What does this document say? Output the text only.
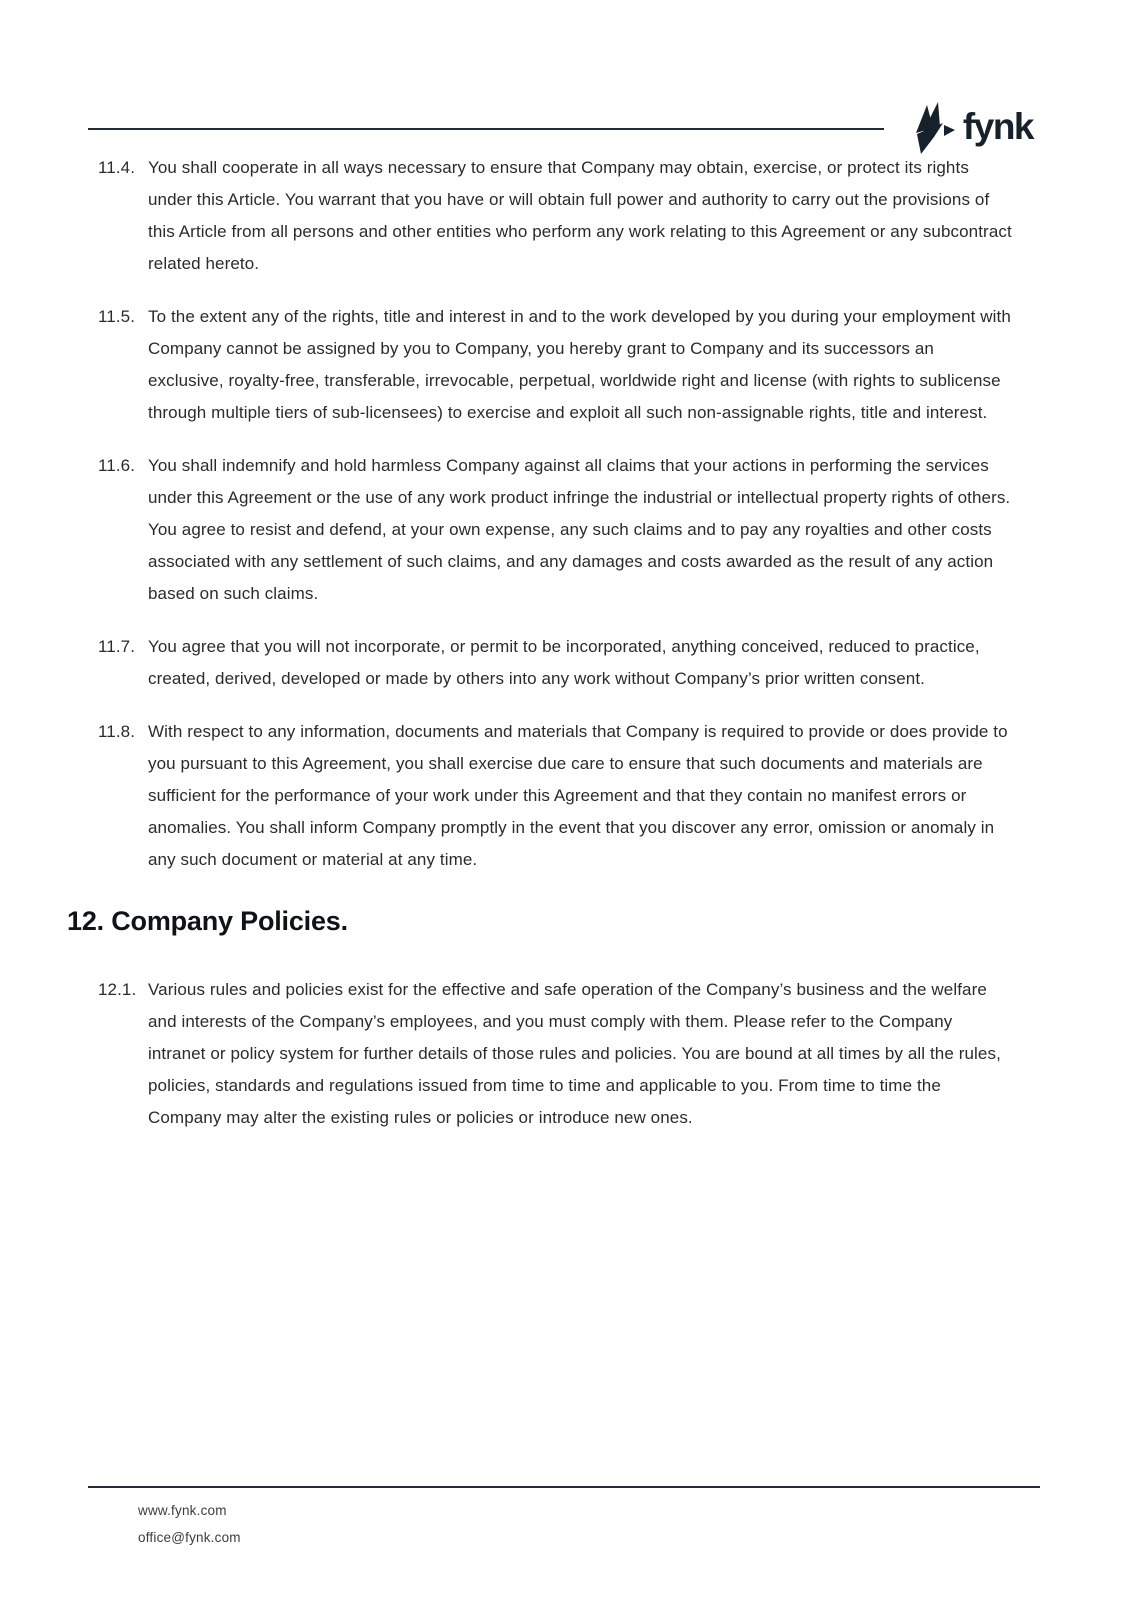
fynk
11.4. You shall cooperate in all ways necessary to ensure that Company may obtain, exercise, or protect its rights under this Article. You warrant that you have or will obtain full power and authority to carry out the provisions of this Article from all persons and other entities who perform any work relating to this Agreement or any subcontract related hereto.

11.5. To the extent any of the rights, title and interest in and to the work developed by you during your employment with Company cannot be assigned by you to Company, you hereby grant to Company and its successors an exclusive, royalty-free, transferable, irrevocable, perpetual, worldwide right and license (with rights to sublicense through multiple tiers of sub-licensees) to exercise and exploit all such non-assignable rights, title and interest.

11.6. You shall indemnify and hold harmless Company against all claims that your actions in performing the services under this Agreement or the use of any work product infringe the industrial or intellectual property rights of others. You agree to resist and defend, at your own expense, any such claims and to pay any royalties and other costs associated with any settlement of such claims, and any damages and costs awarded as the result of any action based on such claims.

11.7. You agree that you will not incorporate, or permit to be incorporated, anything conceived, reduced to practice, created, derived, developed or made by others into any work without Company’s prior written consent.

11.8. With respect to any information, documents and materials that Company is required to provide or does provide to you pursuant to this Agreement, you shall exercise due care to ensure that such documents and materials are sufficient for the performance of your work under this Agreement and that they contain no manifest errors or anomalies. You shall inform Company promptly in the event that you discover any error, omission or anomaly in any such document or material at any time.

12. Company Policies.
12.1. Various rules and policies exist for the effective and safe operation of the Company’s business and the welfare and interests of the Company’s employees, and you must comply with them. Please refer to the Company intranet or policy system for further details of those rules and policies. You are bound at all times by all the rules, policies, standards and regulations issued from time to time and applicable to you. From time to time the Company may alter the existing rules or policies or introduce new ones.

www.fynk.com
office@fynk.com
